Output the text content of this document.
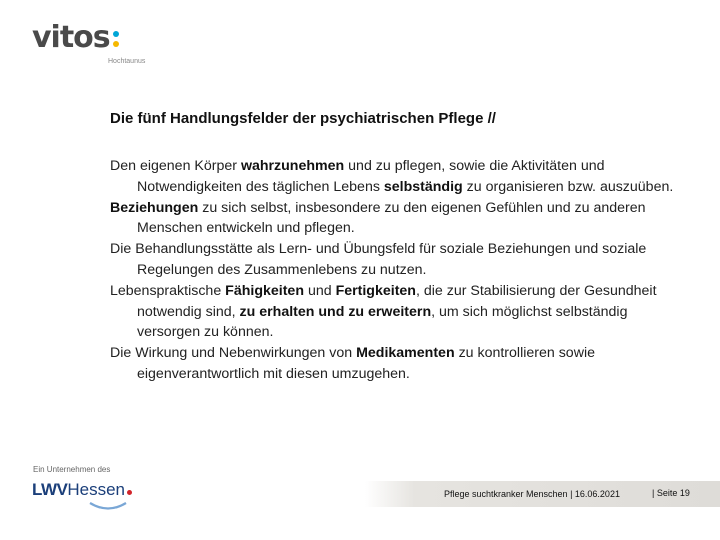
vitos
Hochtaunus
Die fünf Handlungsfelder der psychiatrischen Pflege //

Den eigenen Körper wahrzunehmen und zu pflegen, sowie die Aktivitäten und Notwendigkeiten des täglichen Lebens selbständig zu organisieren bzw. auszuüben.

Beziehungen zu sich selbst, insbesondere zu den eigenen Gefühlen und zu anderen Menschen entwickeln und pflegen.

Die Behandlungsstätte als Lern- und Übungsfeld für soziale Beziehungen und soziale Regelungen des Zusammenlebens zu nutzen.

Lebenspraktische Fähigkeiten und Fertigkeiten, die zur Stabilisierung der Gesundheit notwendig sind, zu erhalten und zu erweitern, um sich möglichst selbständig versorgen zu können.

Die Wirkung und Nebenwirkungen von Medikamenten zu kontrollieren sowie eigenverantwortlich mit diesen umzugehen.

Ein Unternehmen des
LWVHessen	Pflege suchtkranker Menschen | 16.06.2021	| Seite 19
